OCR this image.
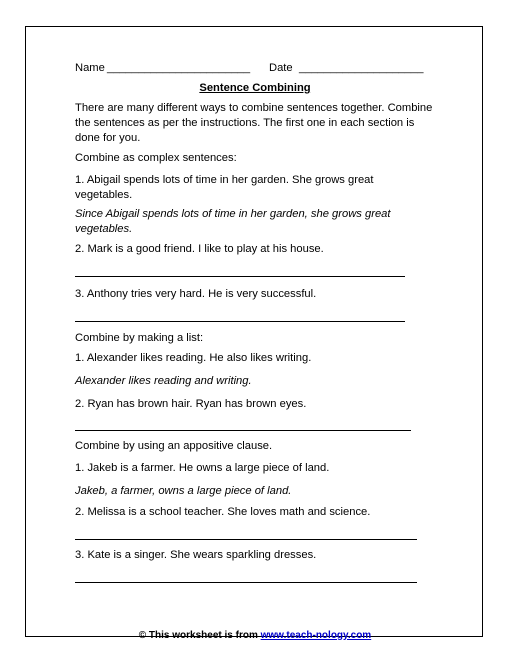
Name _______________________ Date ____________________

Sentence Combining

There are many different ways to combine sentences together. Combine the sentences as per the instructions. The first one in each section is done for you.

Combine as complex sentences:

1. Abigail spends lots of time in her garden. She grows great vegetables.

Since Abigail spends lots of time in her garden, she grows great vegetables.

2. Mark is a good friend. I like to play at his house.

3. Anthony tries very hard. He is very successful.

Combine by making a list:

1. Alexander likes reading. He also likes writing.

Alexander likes reading and writing.

2. Ryan has brown hair. Ryan has brown eyes.

Combine by using an appositive clause.

1. Jakeb is a farmer. He owns a large piece of land.

Jakeb, a farmer, owns a large piece of land.

2. Melissa is a school teacher. She loves math and science.

3. Kate is a singer. She wears sparkling dresses.

© This worksheet is from www.teach-nology.com
